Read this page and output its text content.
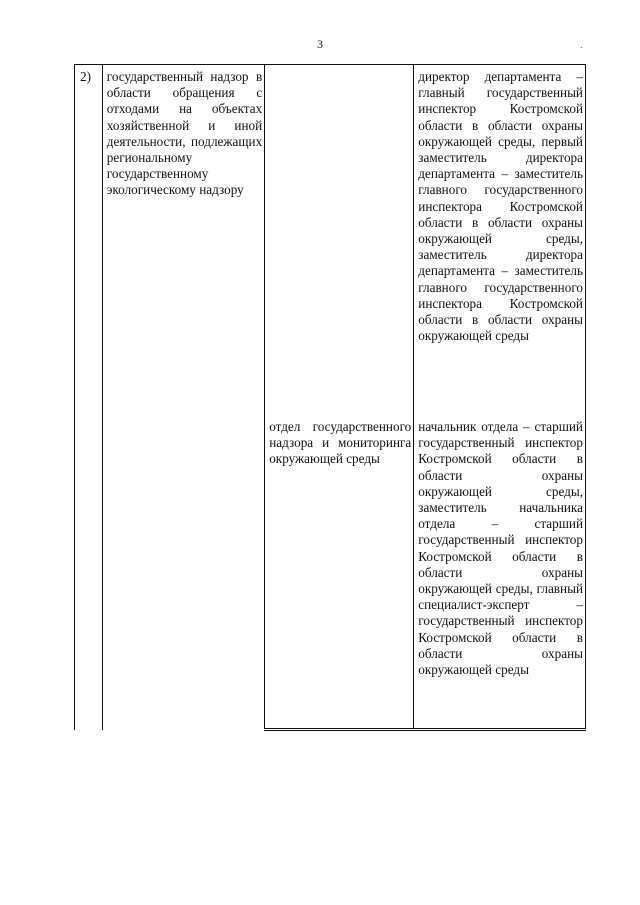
3	.
2)	государственный надзор в области обращения с отходами на объектах хозяйственной и иной деятельности, подлежащих региональному государственному экологическому надзору		директор департамента – главный государственный инспектор Костромской области в области охраны окружающей среды, первый заместитель директора департамента – заместитель главного государственного инспектора Костромской области в области охраны окружающей среды, заместитель директора департамента – заместитель главного государственного инспектора Костромской области в области охраны окружающей среды

		отдел государственного надзора и мониторинга окружающей среды	начальник отдела – старший государственный инспектор Костромской области в области охраны окружающей среды, заместитель начальника отдела – старший государственный инспектор Костромской области в области охраны окружающей среды, главный специалист-эксперт – государственный инспектор Костромской области в области охраны окружающей среды
